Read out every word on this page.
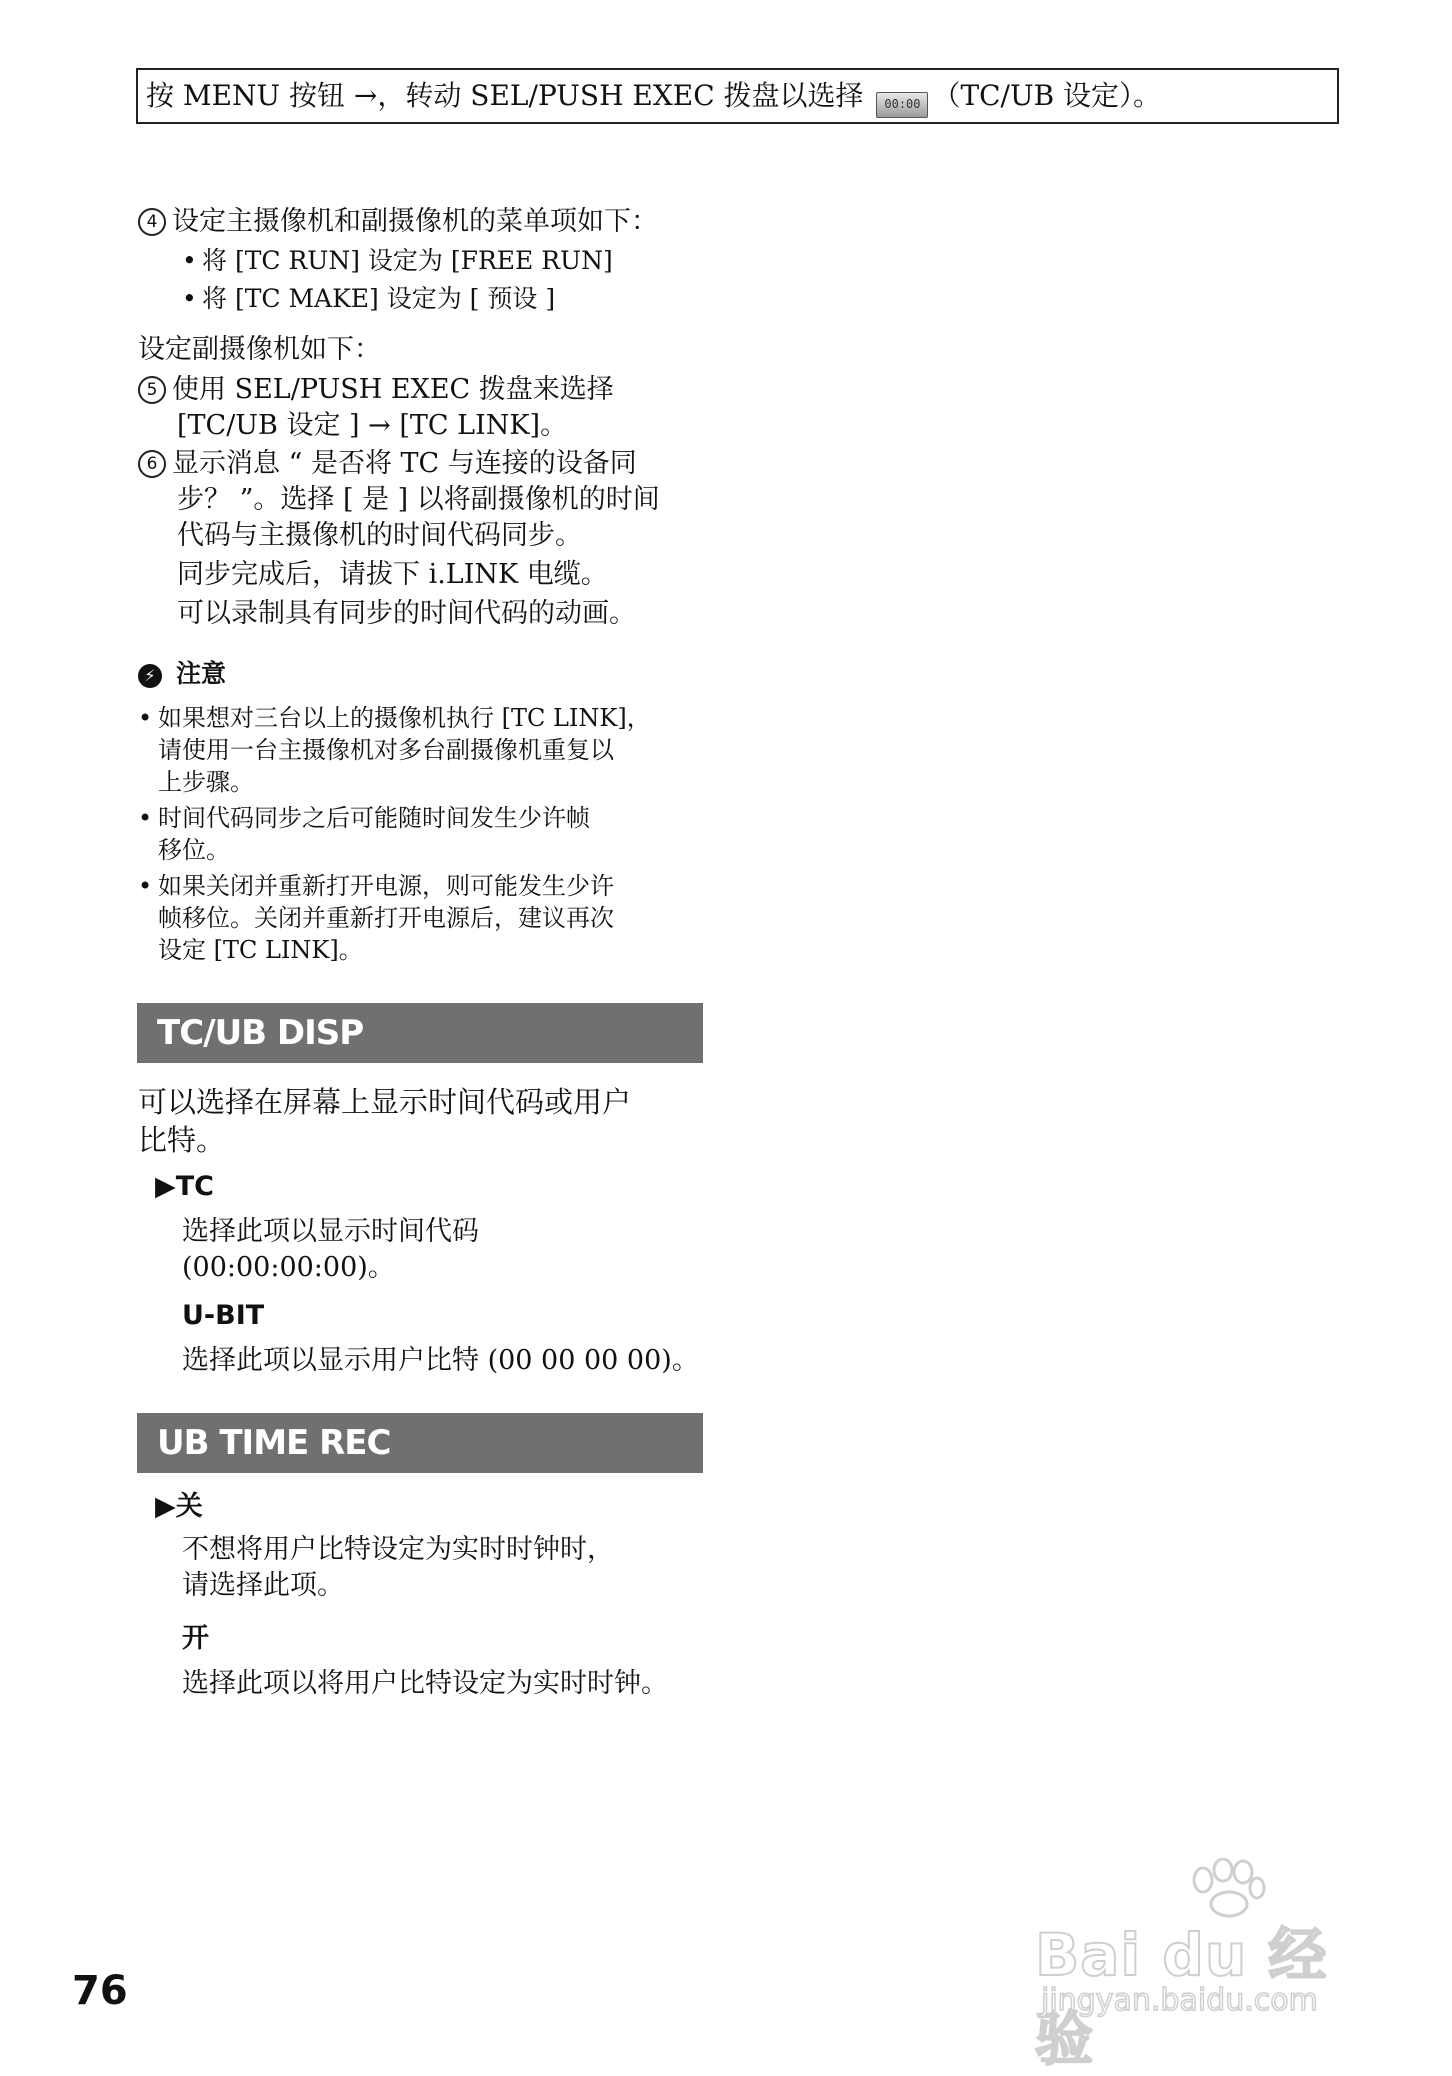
按 MENU 按钮 →，转动 SEL/PUSH EXEC 拨盘以选择 00:00 （TC/UB 设定）。
4 设定主摄像机和副摄像机的菜单项如下：
• 将 [TC RUN] 设定为 [FREE RUN]
• 将 [TC MAKE] 设定为 [ 预设 ]
设定副摄像机如下：
5 使用 SEL/PUSH EXEC 拨盘来选择
[TC/UB 设定 ] → [TC LINK]。
6 显示消息 “ 是否将 TC 与连接的设备同
步？ ”。选择 [ 是 ] 以将副摄像机的时间
代码与主摄像机的时间代码同步。
同步完成后，请拔下 i.LINK 电缆。
可以录制具有同步的时间代码的动画。
⚡ 注意
• 如果想对三台以上的摄像机执行 [TC LINK]，
请使用一台主摄像机对多台副摄像机重复以
上步骤。
• 时间代码同步之后可能随时间发生少许帧
移位。
• 如果关闭并重新打开电源，则可能发生少许
帧移位。关闭并重新打开电源后，建议再次
设定 [TC LINK]。
TC/UB DISP
可以选择在屏幕上显示时间代码或用户
比特。
▶TC
选择此项以显示时间代码
(00:00:00:00)。
U-BIT
选择此项以显示用户比特 (00 00 00 00)。
UB TIME REC
▶关
不想将用户比特设定为实时时钟时，
请选择此项。
开
选择此项以将用户比特设定为实时时钟。
76
Bai du 经验
jingyan.baidu.com
